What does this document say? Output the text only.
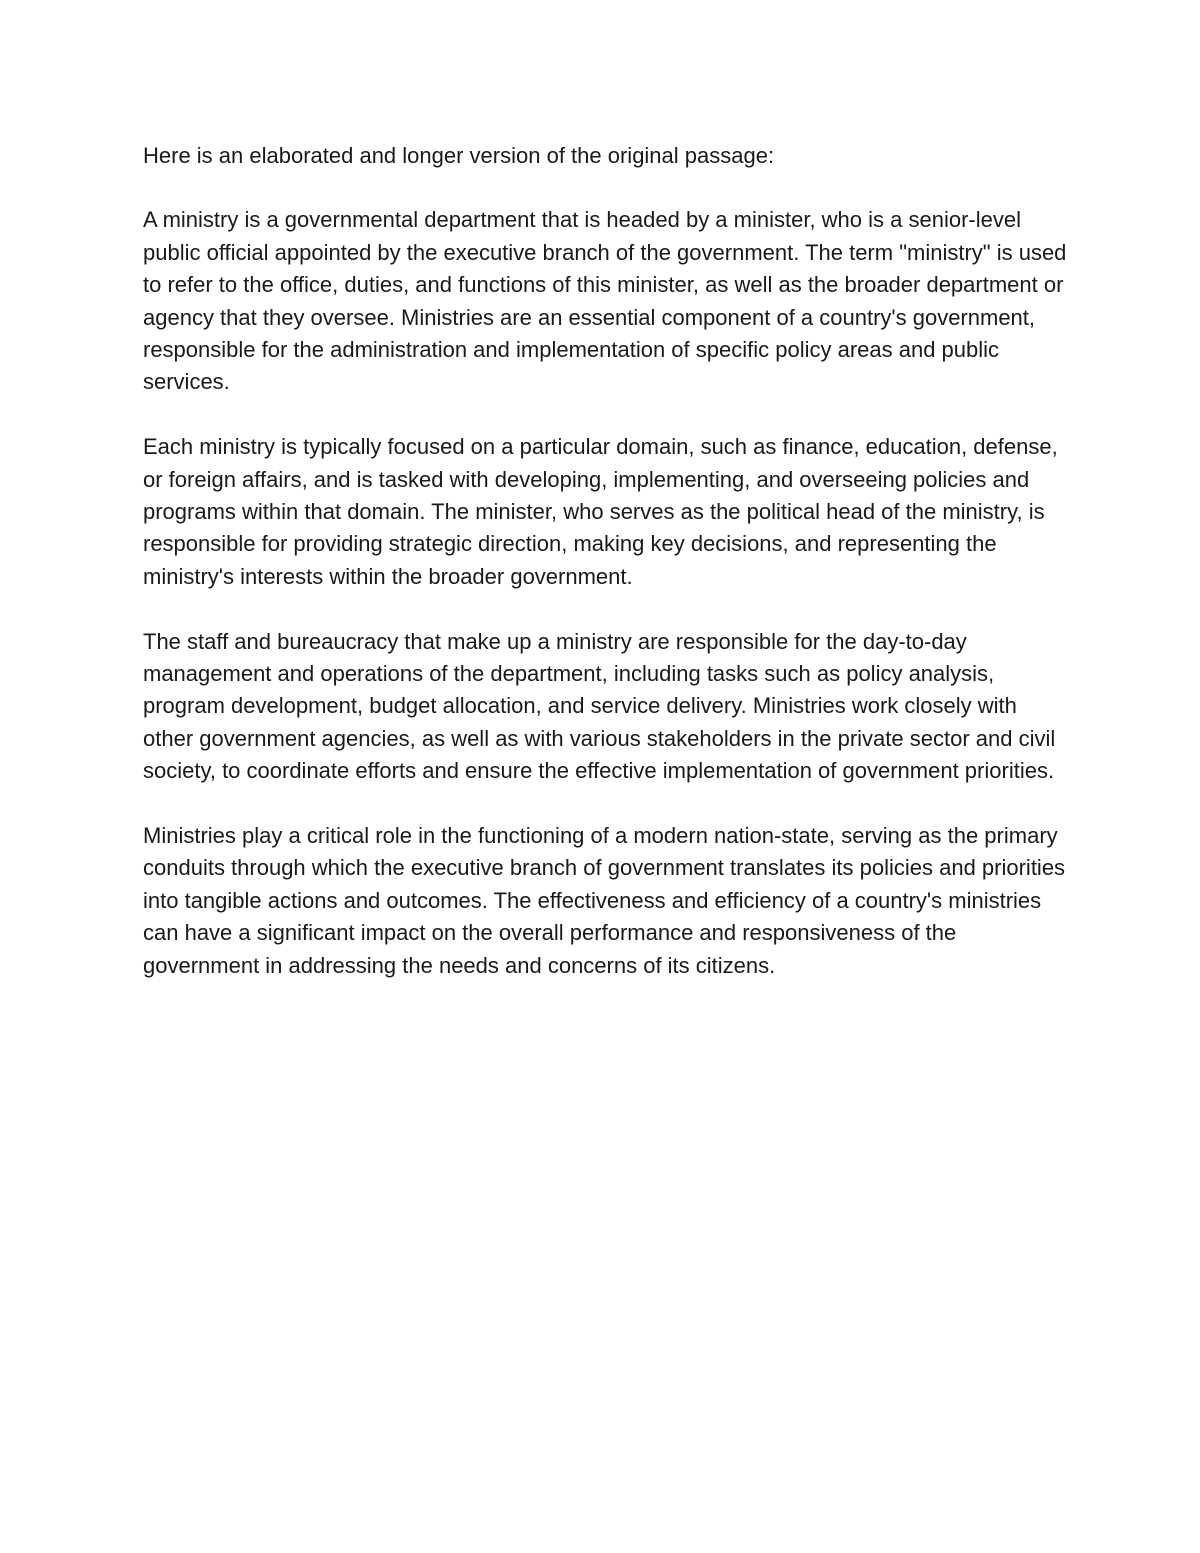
Here is an elaborated and longer version of the original passage:

A ministry is a governmental department that is headed by a minister, who is a senior-level public official appointed by the executive branch of the government. The term "ministry" is used to refer to the office, duties, and functions of this minister, as well as the broader department or agency that they oversee. Ministries are an essential component of a country's government, responsible for the administration and implementation of specific policy areas and public services.

Each ministry is typically focused on a particular domain, such as finance, education, defense, or foreign affairs, and is tasked with developing, implementing, and overseeing policies and programs within that domain. The minister, who serves as the political head of the ministry, is responsible for providing strategic direction, making key decisions, and representing the ministry's interests within the broader government.

The staff and bureaucracy that make up a ministry are responsible for the day-to-day management and operations of the department, including tasks such as policy analysis, program development, budget allocation, and service delivery. Ministries work closely with other government agencies, as well as with various stakeholders in the private sector and civil society, to coordinate efforts and ensure the effective implementation of government priorities.

Ministries play a critical role in the functioning of a modern nation-state, serving as the primary conduits through which the executive branch of government translates its policies and priorities into tangible actions and outcomes. The effectiveness and efficiency of a country's ministries can have a significant impact on the overall performance and responsiveness of the government in addressing the needs and concerns of its citizens.
